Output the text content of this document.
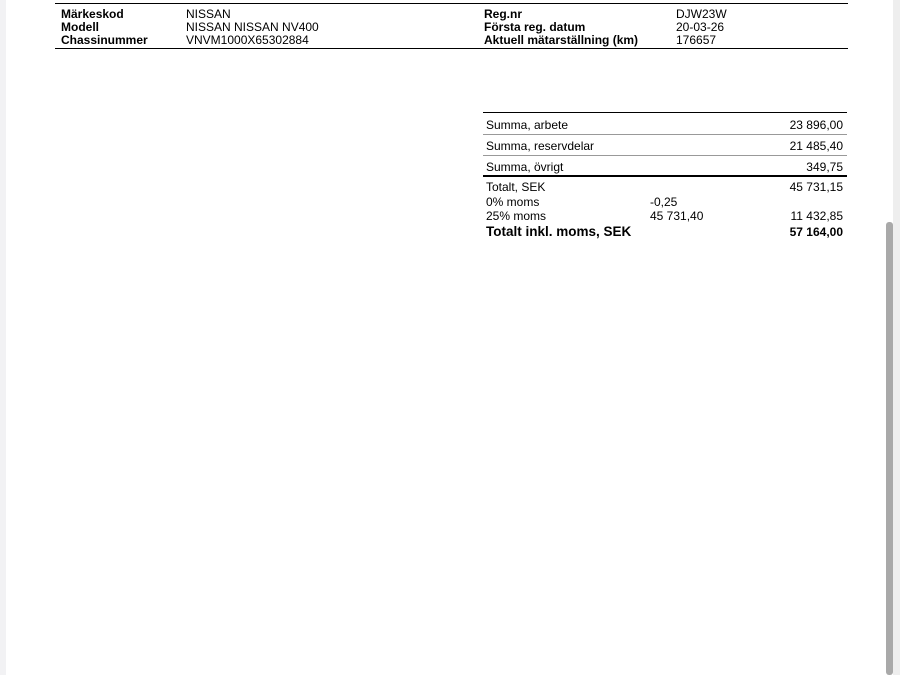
Märkeskod	NISSAN
Modell	NISSAN NISSAN NV400
Chassinummer	VNVM1000X65302884
Reg.nr	DJW23W
Första reg. datum	20-03-26
Aktuell mätarställning (km)	176657
Summa, arbete	23 896,00
Summa, reservdelar	21 485,40
Summa, övrigt	349,75
Totalt, SEK	45 731,15
0% moms	-0,25
25% moms	45 731,40	11 432,85
Totalt inkl. moms, SEK	57 164,00
